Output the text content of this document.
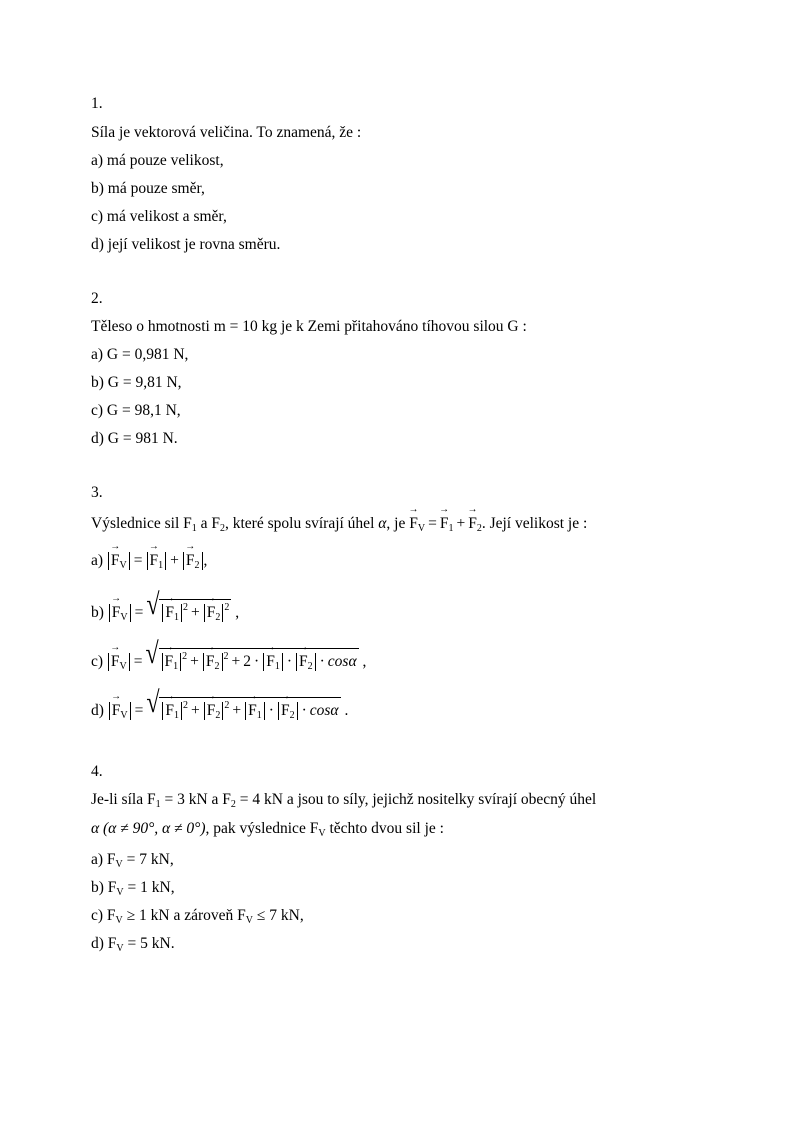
1.
Síla je vektorová veličina. To znamená, že :
a) má pouze velikost,
b) má pouze směr,
c) má velikost a směr,
d) její velikost je rovna směru.
2.
Těleso o hmotnosti m = 10 kg je k Zemi přitahováno tíhovou silou G :
a) G = 0,981 N,
b) G = 9,81 N,
c) G = 98,1 N,
d) G = 981 N.
3.
Výslednice sil $F_1$ a $F_2$, které spolu svírají úhel α, je → $F_V =\to F_1 +\to F_2$. Její velikost je :
$a) \to F_V =\to F_1 +\to F_2$ ,
$b) \to F_V$ = √
→ $F_1^2 +\to F_2^2$ ,
$c) \to F_V$ = √
→ $F_1^2 +\to F_2^2 + 2 \cdot\to F_1 \cdot\to F_2 \cdot \cos\alpha$ ,
$d) \to F_V$ = √
→ $F_1^2 +\to F_2^2 +\to F_1 \cdot\to F_2 \cdot \cos\alpha$ .
4.
Je-li síla $F_1 = 3$ kN a $F_2 = 4$ kN a jsou to síly, jejichž nositelky svírají obecný úhel
α (α ≠ 90°, α ≠ 0°), pak výslednice $F_V$ těchto dvou sil je :
a) $F_V = 7$ kN,
b) $F_V = 1$ kN,
c) $F_V \ge 1$ kN a zároveň $F_V \le 7$ kN,
d) $F_V = 5$ kN.
